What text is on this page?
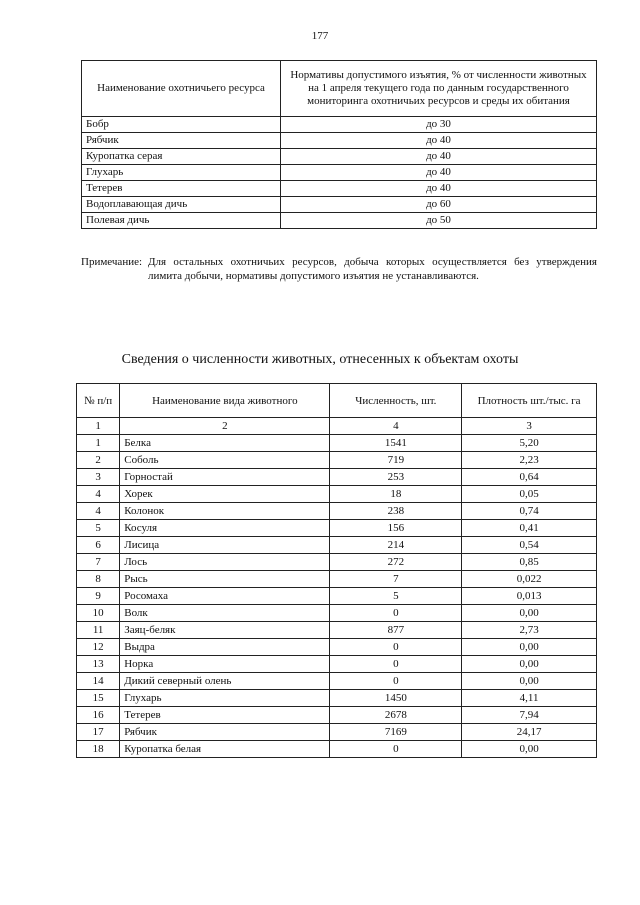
177
Наименование охотничьего ресурса	Нормативы допустимого изъятия, % от численности животных на 1 апреля текущего года по данным государственного мониторинга охотничьих ресурсов и среды их обитания
Бобр	до 30
Рябчик	до 40
Куропатка серая	до 40
Глухарь	до 40
Тетерев	до 40
Водоплавающая дичь	до 60
Полевая дичь	до 50
Примечание: Для остальных охотничьих ресурсов, добыча которых осуществляется без утверждения лимита добычи, нормативы допустимого изъятия не устанавливаются.
Сведения о численности животных, отнесенных к объектам охоты
№ п/п	Наименование вида животного	Численность, шт.	Плотность шт./тыс. га
1	2	4	3
1	Белка	1541	5,20
2	Соболь	719	2,23
3	Горностай	253	0,64
4	Хорек	18	0,05
4	Колонок	238	0,74
5	Косуля	156	0,41
6	Лисица	214	0,54
7	Лось	272	0,85
8	Рысь	7	0,022
9	Росомаха	5	0,013
10	Волк	0	0,00
11	Заяц-беляк	877	2,73
12	Выдра	0	0,00
13	Норка	0	0,00
14	Дикий северный олень	0	0,00
15	Глухарь	1450	4,11
16	Тетерев	2678	7,94
17	Рябчик	7169	24,17
18	Куропатка белая	0	0,00
